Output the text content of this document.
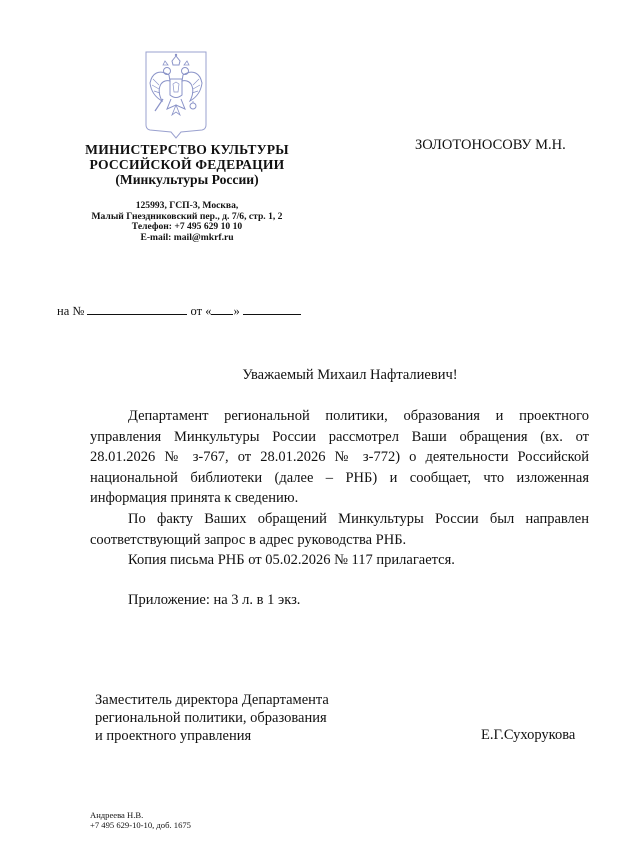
МИНИСТЕРСТВО КУЛЬТУРЫ
РОССИЙСКОЙ ФЕДЕРАЦИИ
(Минкультуры России)
125993, ГСП-3, Москва,
Малый Гнездниковский пер., д. 7/6, стр. 1, 2
Телефон: +7 495 629 10 10
E-mail: mail@mkrf.ru
ЗОЛОТОНОСОВУ М.Н.
на №	от « »
Уважаемый Михаил Нафталиевич!

Департамент региональной политики, образования и проектного управления Минкультуры России рассмотрел Ваши обращения (вх. от 28.01.2026 № з-767, от 28.01.2026 № з-772) о деятельности Российской национальной библиотеки (далее – РНБ) и сообщает, что изложенная информация принята к сведению.

По факту Ваших обращений Минкультуры России был направлен соответствующий запрос в адрес руководства РНБ.

Копия письма РНБ от 05.02.2026 № 117 прилагается.

Приложение: на 3 л. в 1 экз.
Заместитель директора Департамента
региональной политики, образования
и проектного управления	Е.Г.Сухорукова
Андреева Н.В.
+7 495 629-10-10, доб. 1675
